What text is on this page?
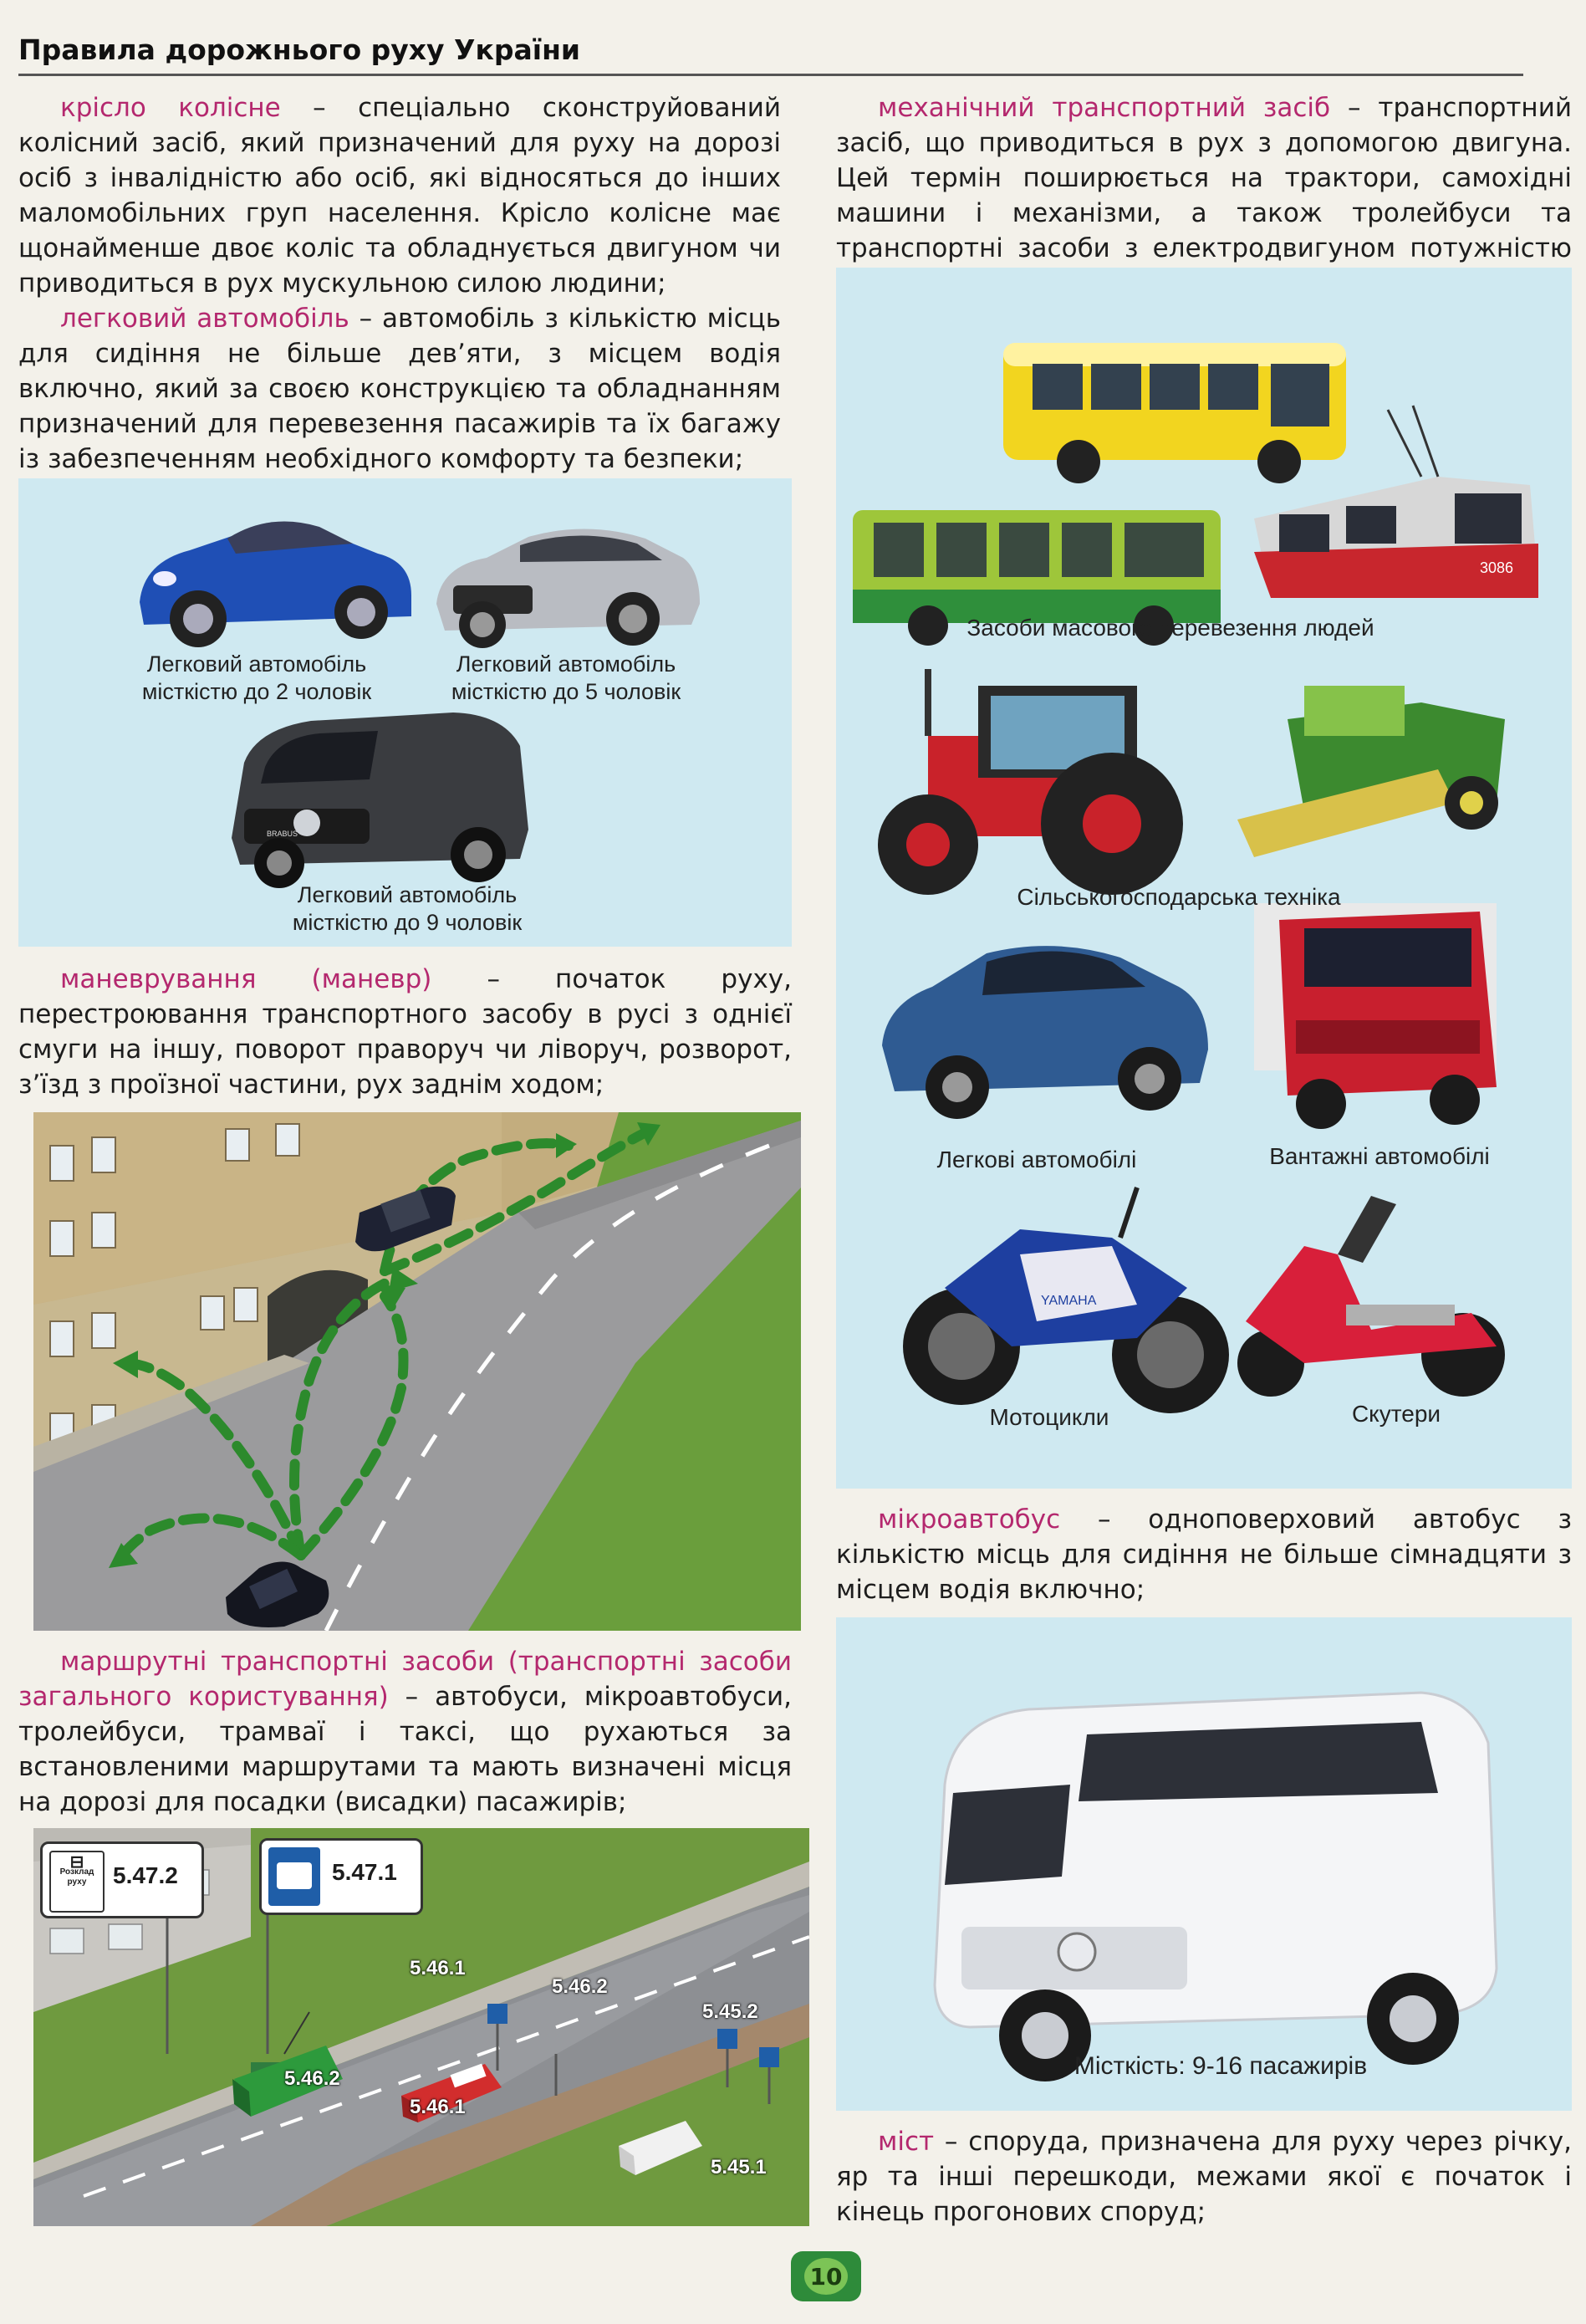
Правила дорожнього руху України

крісло колісне – спеціально сконструйований колісний засіб, який призначений для руху на дорозі осіб з інвалідністю або осіб, які відносяться до інших маломобільних груп населення. Крісло колісне має щонайменше двоє коліс та обладнується двигуном чи приводиться в рух мускульною силою людини;

легковий автомобіль – автомобіль з кількістю місць для сидіння не більше дев’яти, з місцем водія включно, який за своєю конструкцією та обладнанням призначений для перевезення пасажирів та їх багажу із забезпеченням необхідного комфорту та безпеки;

BRABUS
Легковий автомобіль місткістю до 2 чоловік
Легковий автомобіль місткістю до 5 чоловік
Легковий автомобіль місткістю до 9 чоловік

маневрування (маневр) – початок руху, перестроювання транспортного засобу в русі з однієї смуги на іншу, поворот праворуч чи ліворуч, розворот, з’їзд з проїзної частини, рух заднім ходом;

маршрутні транспортні засоби (транспортні засоби загального користування) – автобуси, мікроавтобуси, тролейбуси, трамваї і таксі, що рухаються за встановленими маршрутами та мають визначені місця на дорозі для посадки (висадки) пасажирів;

⊟
Розклад руху	5.47.2	5.47.1
5.46.1
5.46.2
5.45.2
5.46.2
5.46.1
5.45.1

механічний транспортний засіб – транспортний засіб, що приводиться в рух з допомогою двигуна. Цей термін поширюється на трактори, самохідні машини і механізми, а також тролейбуси та транспортні засоби з електродвигуном потужністю

3086
YAMAHA
Засоби масового перевезення людей
Сільськогосподарська техніка
Легкові автомобілі	Вантажні автомобілі
Мотоцикли	Скутери

мікроавтобус – одноповерховий автобус з кількістю місць для сидіння не більше сімнадцяти з місцем водія включно;

Місткість: 9-16 пасажирів

міст – споруда, призначена для руху через річку, яр та інші перешкоди, межами якої є початок і кінець прогонових споруд;

10
